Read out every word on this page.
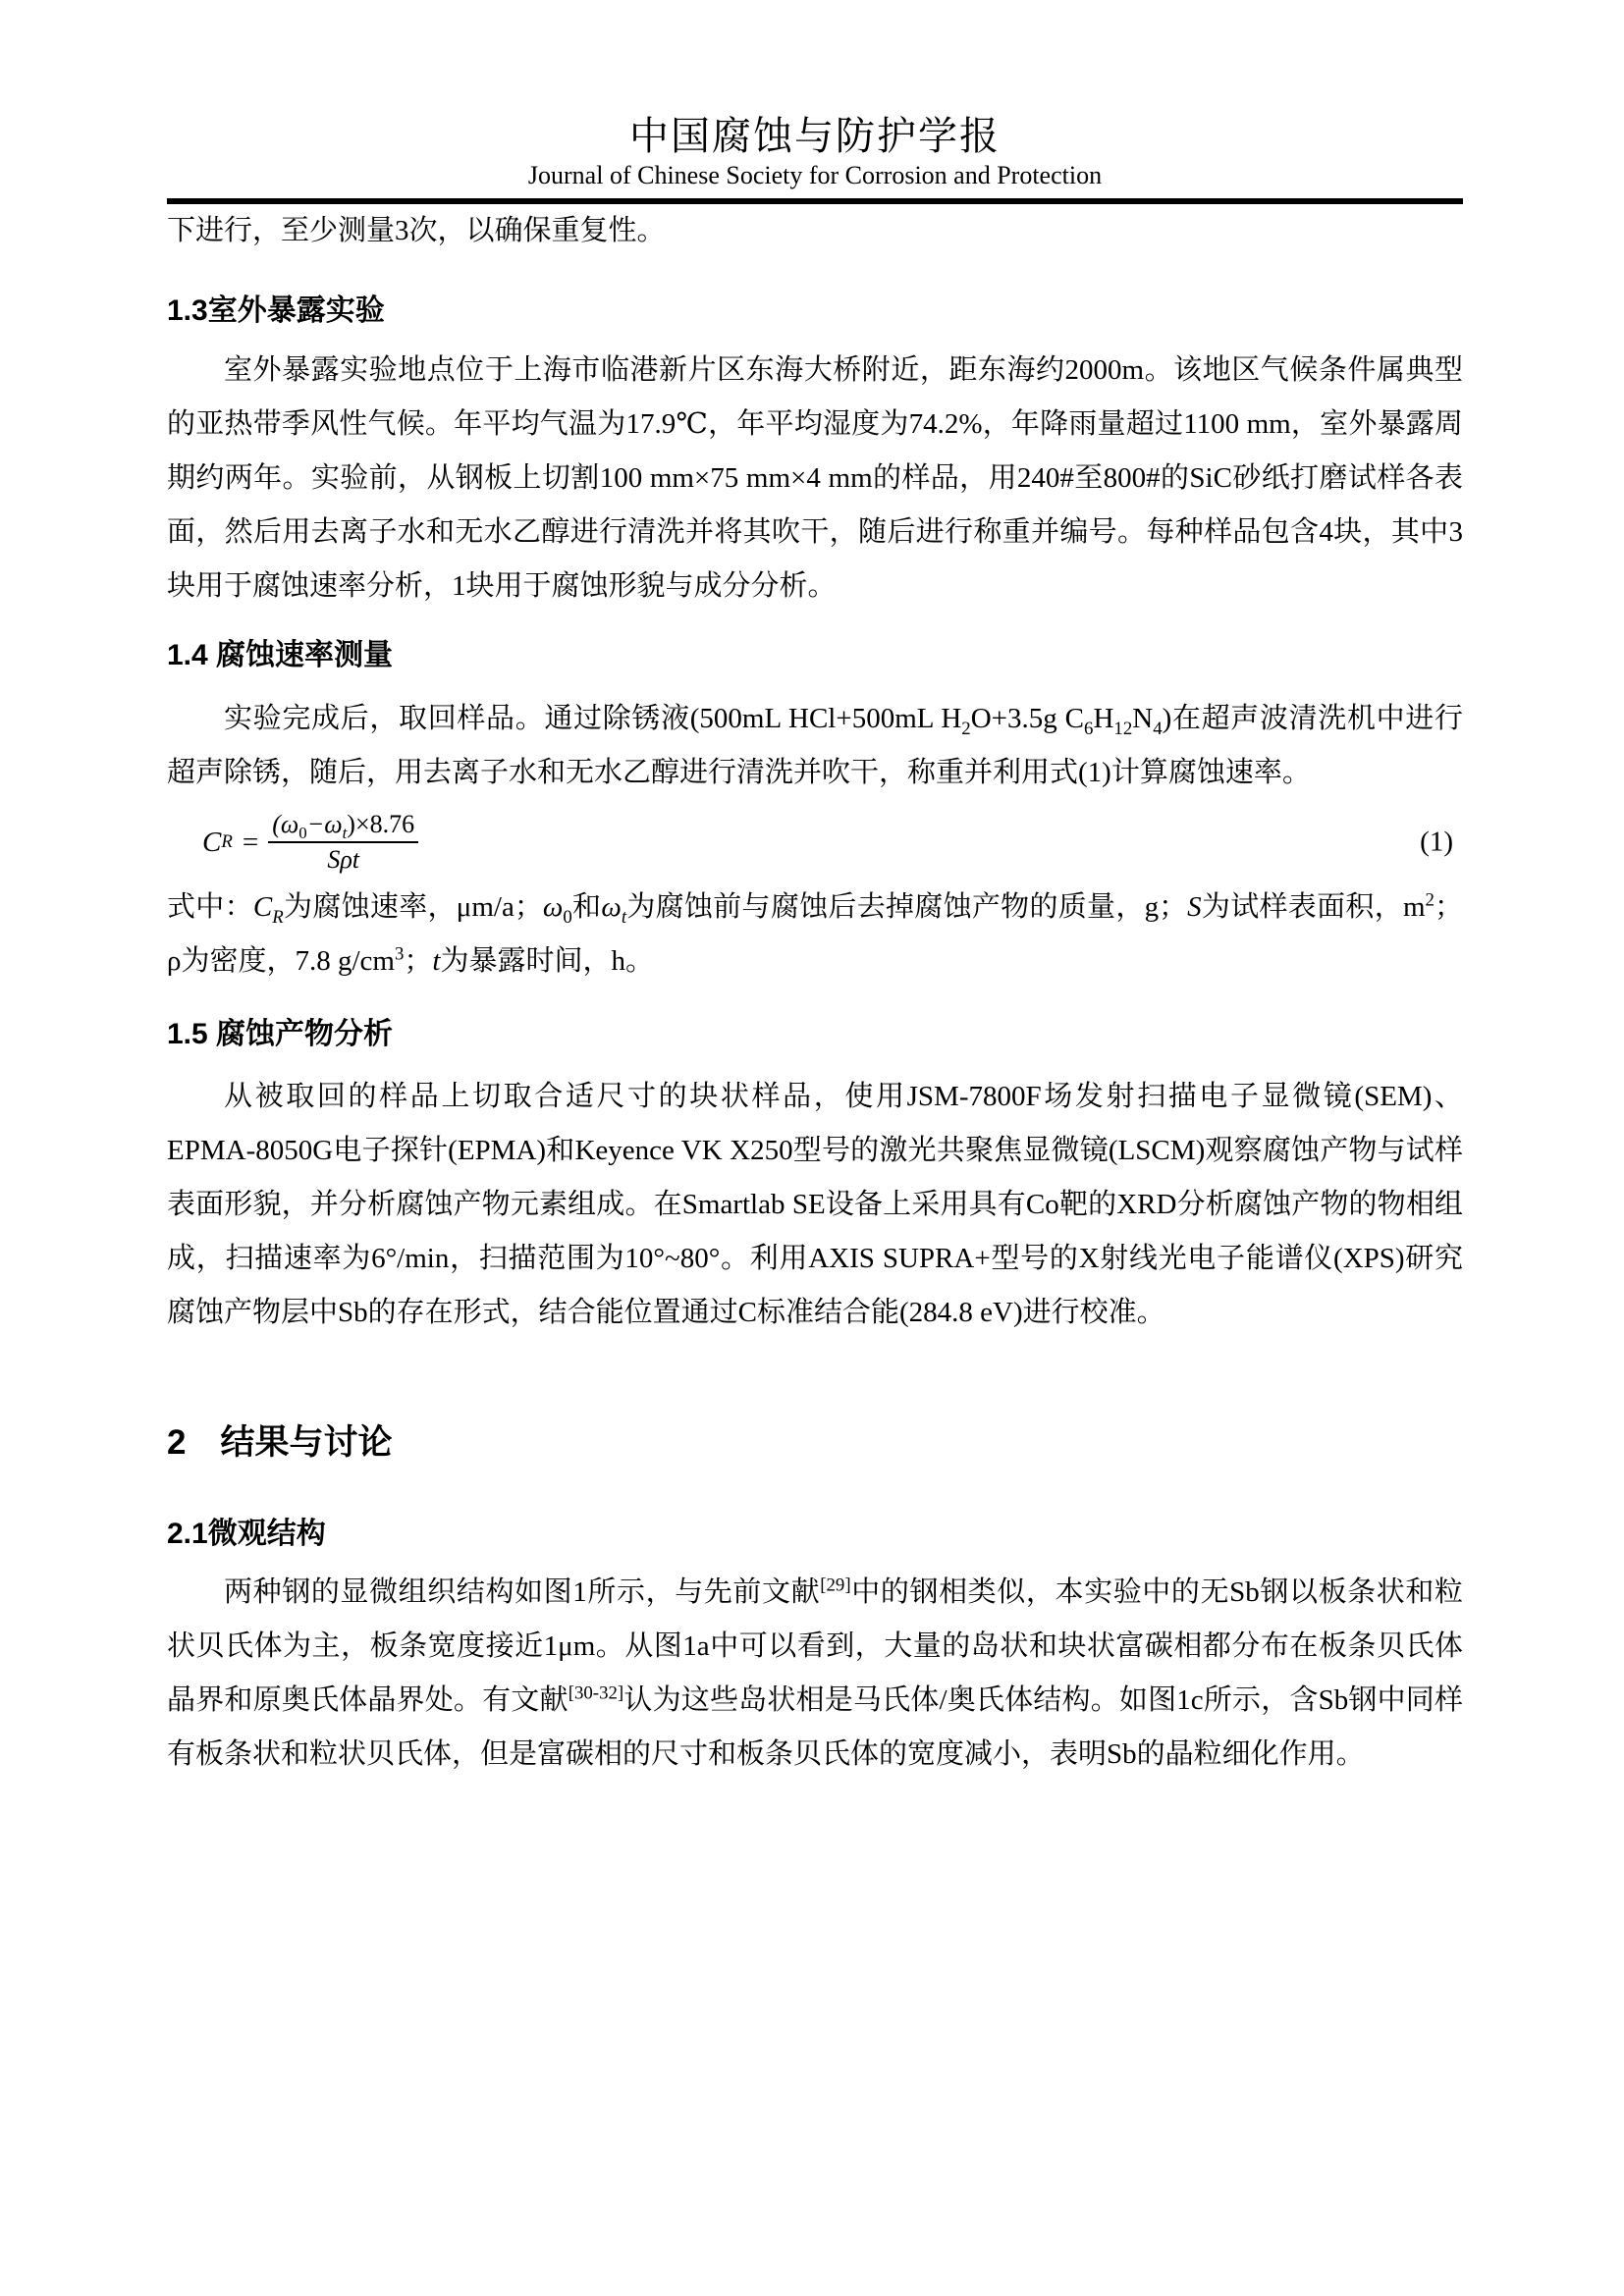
中国腐蚀与防护学报
Journal of Chinese Society for Corrosion and Protection
下进行，至少测量3次，以确保重复性。
1.3室外暴露实验
室外暴露实验地点位于上海市临港新片区东海大桥附近，距东海约2000m。该地区气候条件属典型的亚热带季风性气候。年平均气温为17.9℃，年平均湿度为74.2%，年降雨量超过1100 mm，室外暴露周期约两年。实验前，从钢板上切割100 mm×75 mm×4 mm的样品，用240#至800#的SiC砂纸打磨试样各表面，然后用去离子水和无水乙醇进行清洗并将其吹干，随后进行称重并编号。每种样品包含4块，其中3块用于腐蚀速率分析，1块用于腐蚀形貌与成分分析。
1.4 腐蚀速率测量
实验完成后，取回样品。通过除锈液(500mL HCl+500mL $H_2O+3.5g$ $C_6H_{12}N_4$)在超声波清洗机中进行超声除锈，随后，用去离子水和无水乙醇进行清洗并吹干，称重并利用式(1)计算腐蚀速率。
C $R = \frac{(\omega_0-\omega_t)\times 8.76}{\text{Sρt}}$	(1)
式中：$C_R$为腐蚀速率，μm/a；$\omega_0$和$\omega_t$为腐蚀前与腐蚀后去掉腐蚀产物的质量，g；S为试样表面积，$m^2$；ρ为密度，7.8 $g/cm^3$；t为暴露时间，h。
1.5 腐蚀产物分析
从被取回的样品上切取合适尺寸的块状样品，使用JSM-7800F场发射扫描电子显微镜(SEM)、EPMA-8050G电子探针(EPMA)和Keyence VK X250型号的激光共聚焦显微镜(LSCM)观察腐蚀产物与试样表面形貌，并分析腐蚀产物元素组成。在Smartlab SE设备上采用具有Co靶的XRD分析腐蚀产物的物相组成，扫描速率为6°/min，扫描范围为10°~80°。利用AXIS SUPRA+型号的X射线光电子能谱仪(XPS)研究腐蚀产物层中Sb的存在形式，结合能位置通过C标准结合能(284.8 eV)进行校准。
2　结果与讨论
2.1微观结构
两种钢的显微组织结构如图1所示，与先前文献[29]中的钢相类似，本实验中的无Sb钢以板条状和粒状贝氏体为主，板条宽度接近1μm。从图1a中可以看到，大量的岛状和块状富碳相都分布在板条贝氏体晶界和原奥氏体晶界处。有文献[30-32]认为这些岛状相是马氏体/奥氏体结构。如图1c所示，含Sb钢中同样有板条状和粒状贝氏体，但是富碳相的尺寸和板条贝氏体的宽度减小，表明Sb的晶粒细化作用。
